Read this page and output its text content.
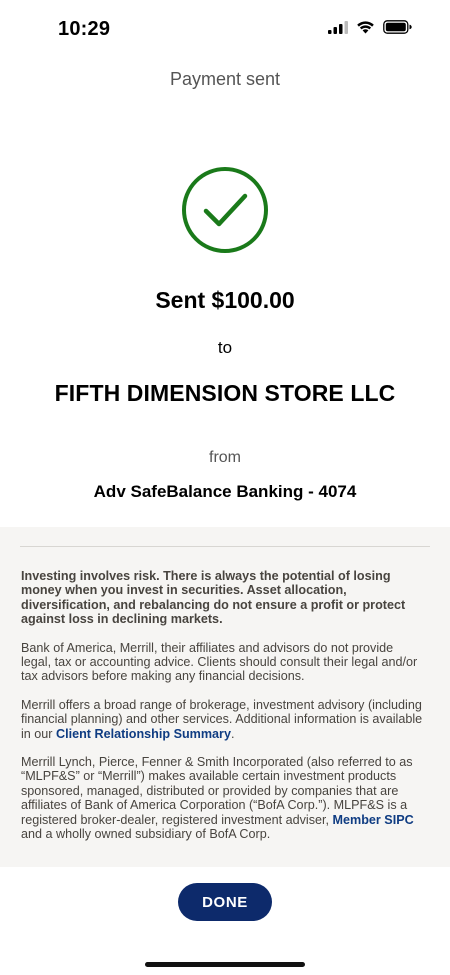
10:29
Payment sent
Sent $100.00
to
FIFTH DIMENSION STORE LLC
from
Adv SafeBalance Banking - 4074

Investing involves risk. There is always the potential of losing money when you invest in securities. Asset allocation, diversification, and rebalancing do not ensure a profit or protect against loss in declining markets.

Bank of America, Merrill, their affiliates and advisors do not provide legal, tax or accounting advice. Clients should consult their legal and/or tax advisors before making any financial decisions.

Merrill offers a broad range of brokerage, investment advisory (including financial planning) and other services. Additional information is available in our Client Relationship Summary.

Merrill Lynch, Pierce, Fenner & Smith Incorporated (also referred to as “MLPF&S” or “Merrill”) makes available certain investment products sponsored, managed, distributed or provided by companies that are affiliates of Bank of America Corporation (“BofA Corp.”). MLPF&S is a registered broker-dealer, registered investment adviser, Member SIPC and a wholly owned subsidiary of BofA Corp.

DONE
